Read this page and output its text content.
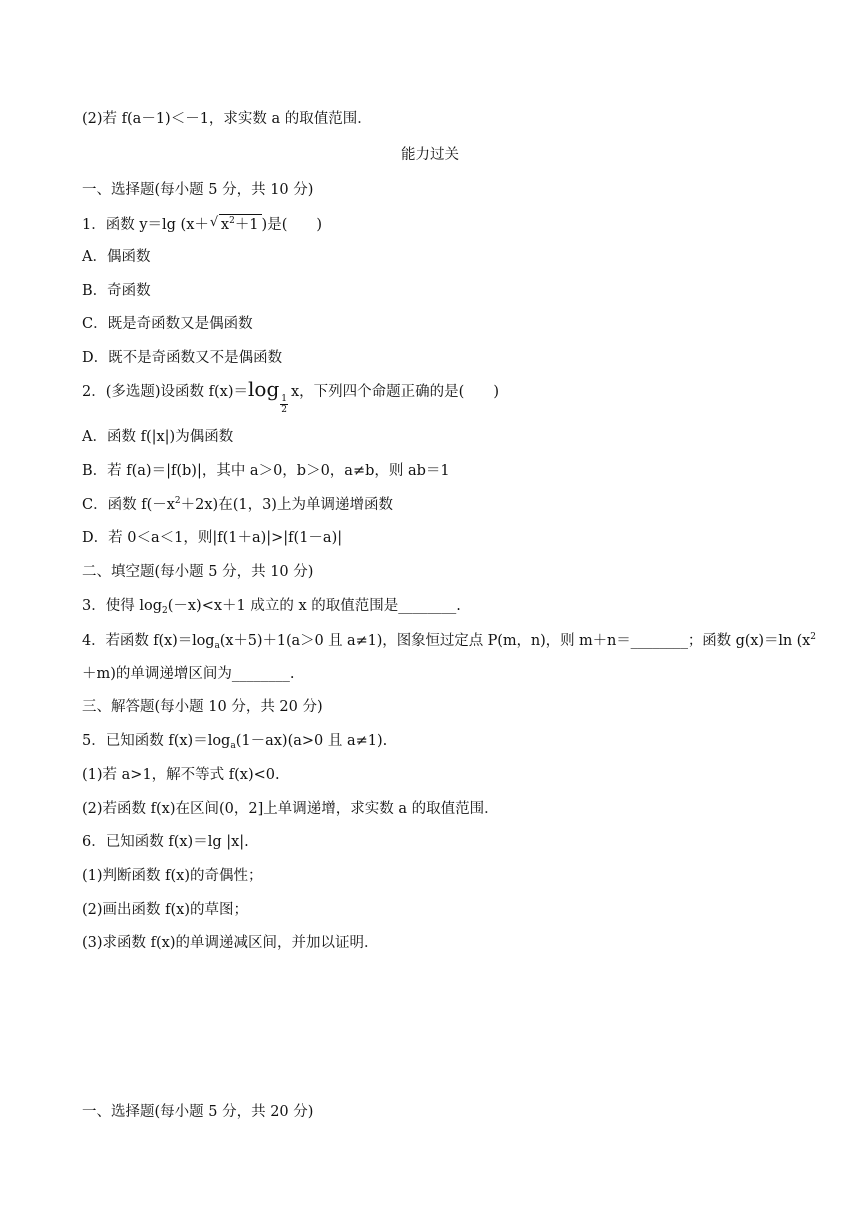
(2)若 f(a－1)＜－1，求实数 a 的取值范围．
能力过关
一、选择题(每小题 5 分，共 10 分)
1．函数 y＝lg (x＋√ $x^2+1$ )是(　　)
A．偶函数
B．奇函数
C．既是奇函数又是偶函数
D．既不是奇函数又不是偶函数
2．(多选题)设函数 f(x)＝log
$\frac{1}{2}$
x，下列四个命题正确的是(　　)
A．函数 f(|x|)为偶函数
B．若 f(a)＝|f(b)|，其中 a＞0，b＞0，a≠b，则 ab＝1
C．函数 $f(-x^2+2x)$在(1，3)上为单调递增函数
D．若 0＜a＜1，则|f(1＋a)|>|f(1－a)|
二、填空题(每小题 5 分，共 10 分)
3．使得 $\log_2(-x)<x+1$ 成立的 x 的取值范围是________.
4．若函数 $f(x)=\log_a(x+5)+1(a>0$ 且 a≠1)，图象恒过定点 P(m，n)，则 m＋n＝________；函数 g(x)＝ln ($x^2$
＋m)的单调递增区间为________.
三、解答题(每小题 10 分，共 20 分)
5．已知函数 $f(x)=\log_a(1-ax)(a>0$ 且 a≠1).
(1)若 a>1，解不等式 f(x)<0.
(2)若函数 f(x)在区间(0，2]上单调递增，求实数 a 的取值范围．
6．已知函数 f(x)＝lg |x|.
(1)判断函数 f(x)的奇偶性；
(2)画出函数 f(x)的草图；
(3)求函数 f(x)的单调递减区间，并加以证明．
一、选择题(每小题 5 分，共 20 分)
